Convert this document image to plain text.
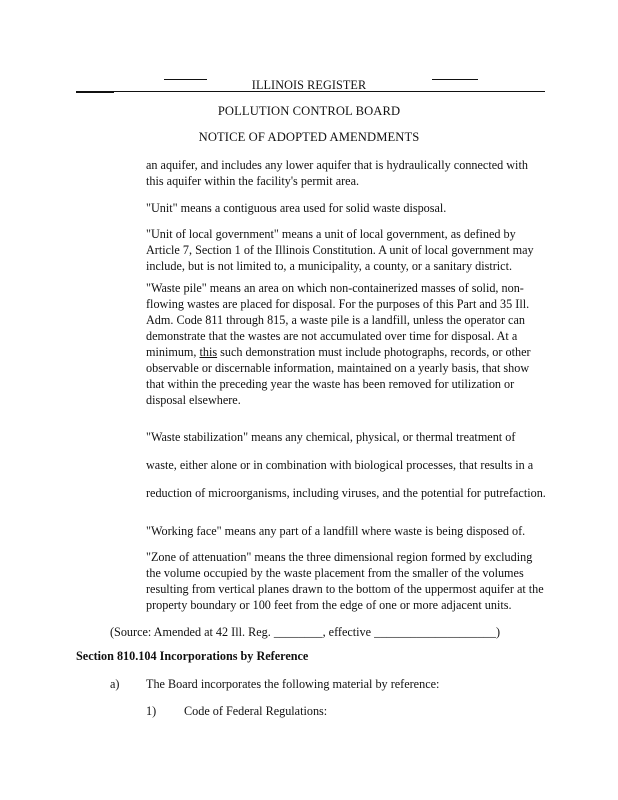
ILLINOIS REGISTER
POLLUTION CONTROL BOARD
NOTICE OF ADOPTED AMENDMENTS
an aquifer, and includes any lower aquifer that is hydraulically connected with
this aquifer within the facility's permit area.
"Unit" means a contiguous area used for solid waste disposal.
"Unit of local government" means a unit of local government, as defined by
Article 7, Section 1 of the Illinois Constitution. A unit of local government may
include, but is not limited to, a municipality, a county, or a sanitary district.
"Waste pile" means an area on which non-containerized masses of solid, non-
flowing wastes are placed for disposal. For the purposes of this Part and 35 Ill.
Adm. Code 811 through 815, a waste pile is a landfill, unless the operator can
demonstrate that the wastes are not accumulated over time for disposal. At a
minimum, this such demonstration must include photographs, records, or other
observable or discernable information, maintained on a yearly basis, that show
that within the preceding year the waste has been removed for utilization or
disposal elsewhere.
"Waste stabilization" means any chemical, physical, or thermal treatment of
waste, either alone or in combination with biological processes, that results in a
reduction of microorganisms, including viruses, and the potential for putrefaction.
"Working face" means any part of a landfill where waste is being disposed of.
"Zone of attenuation" means the three dimensional region formed by excluding
the volume occupied by the waste placement from the smaller of the volumes
resulting from vertical planes drawn to the bottom of the uppermost aquifer at the
property boundary or 100 feet from the edge of one or more adjacent units.
(Source: Amended at 42 Ill. Reg. ________, effective ____________________)
Section 810.104 Incorporations by Reference
a) The Board incorporates the following material by reference:
1) Code of Federal Regulations:
